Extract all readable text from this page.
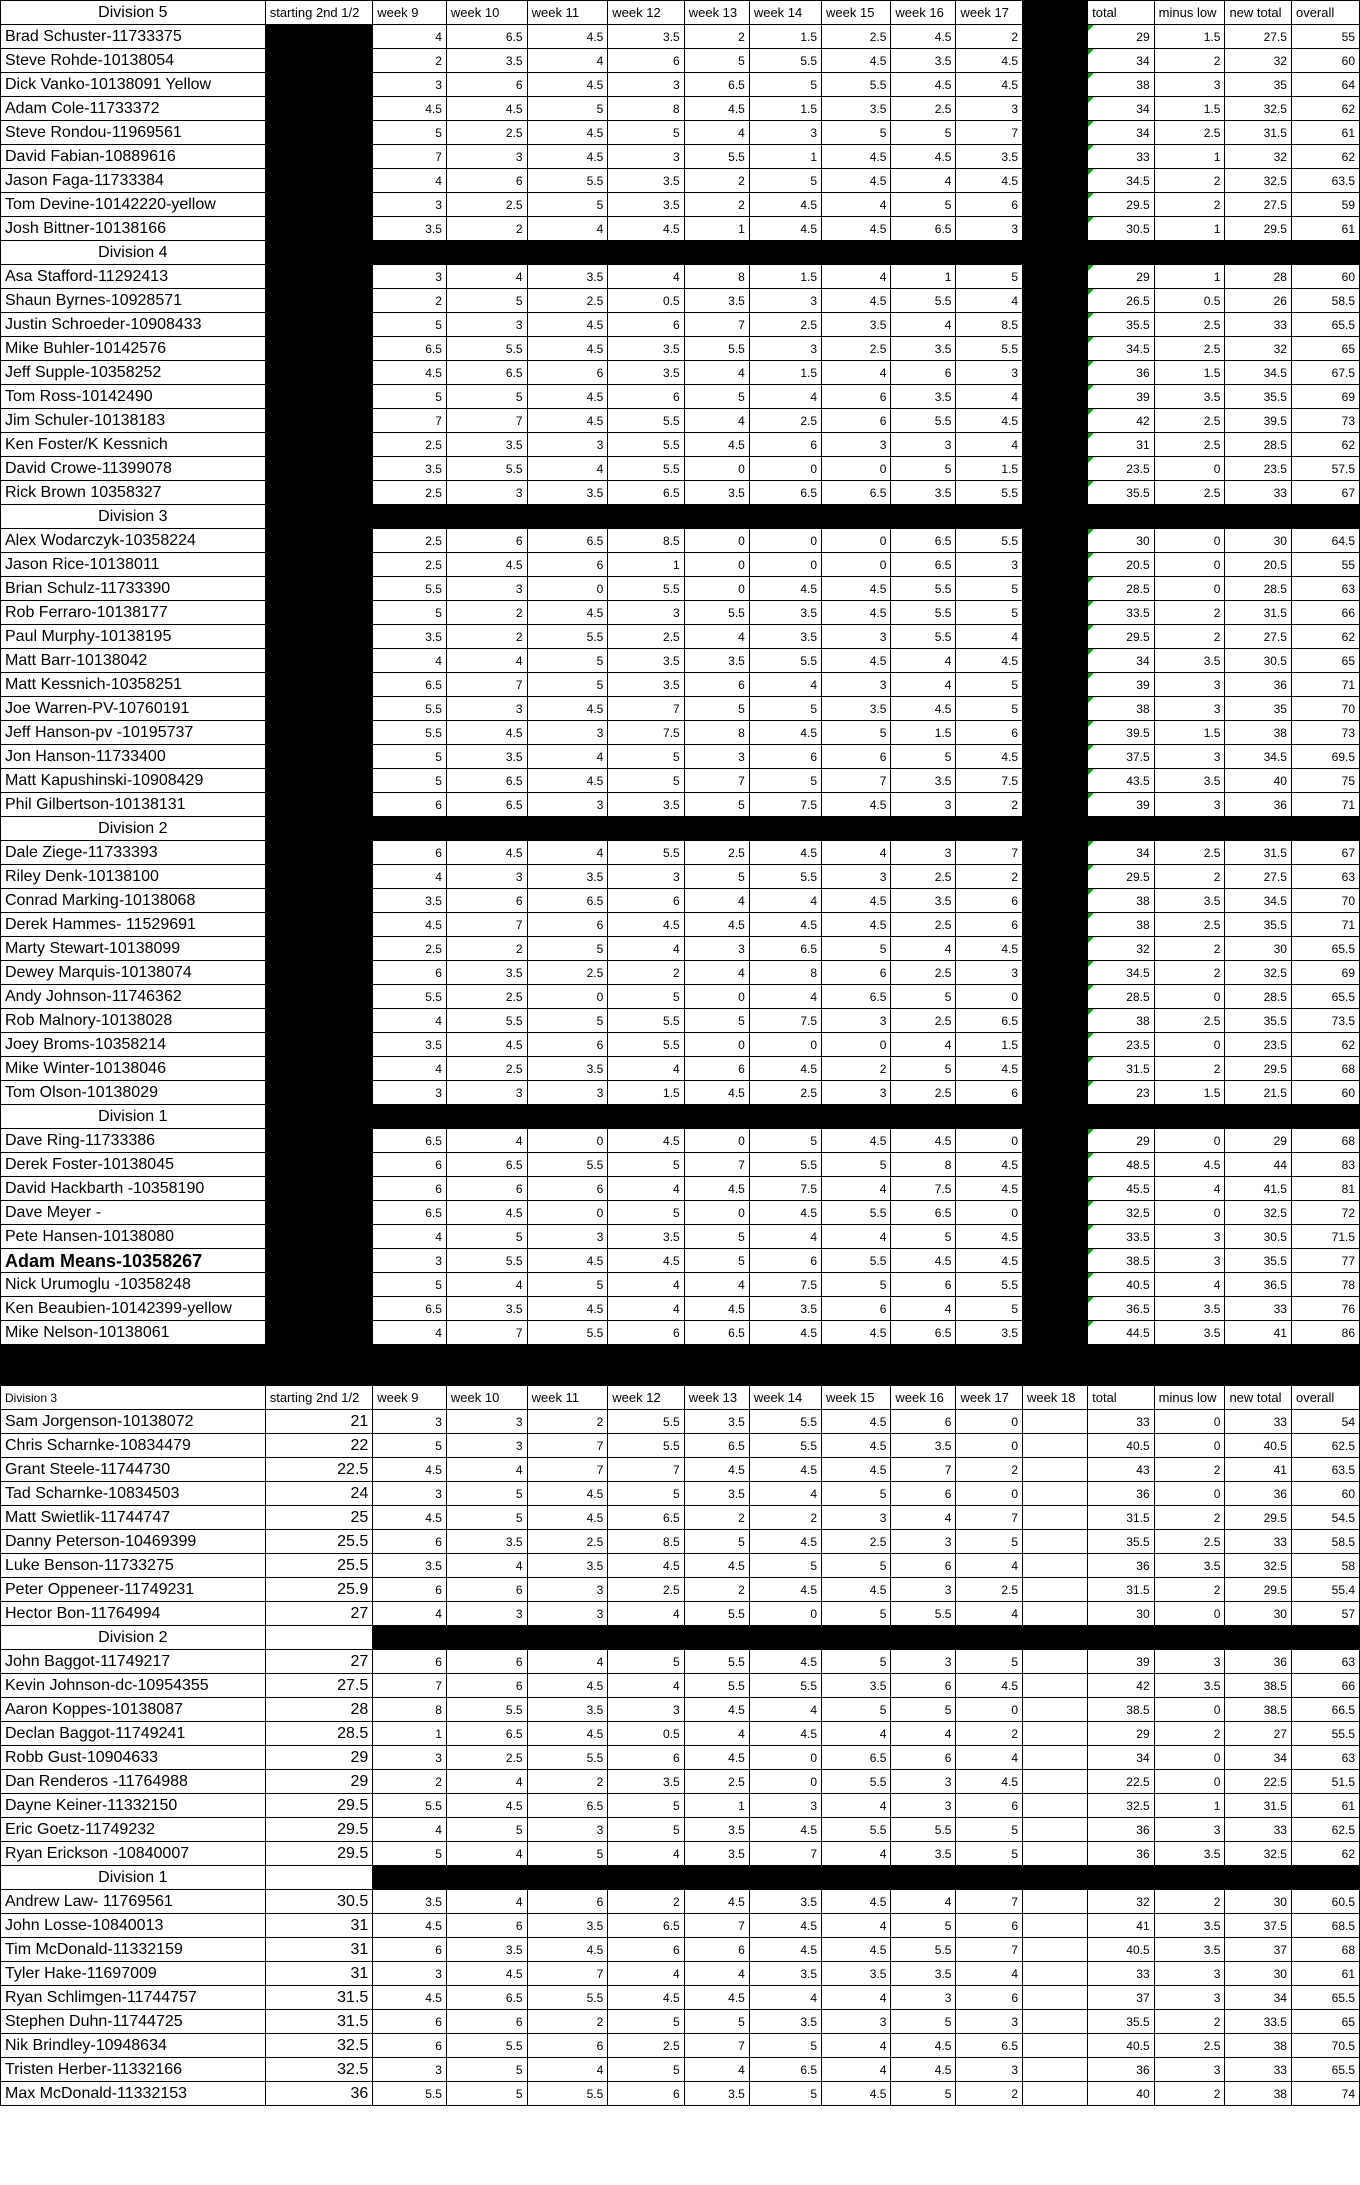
Division 5	starting 2nd 1/2	week 9	week 10	week 11	week 12	week 13	week 14	week 15	week 16	week 17		total	minus low	new total	overall
Brad Schuster-11733375		4	6.5	4.5	3.5	2	1.5	2.5	4.5	2		29	1.5	27.5	55
Steve Rohde-10138054		2	3.5	4	6	5	5.5	4.5	3.5	4.5		34	2	32	60
Dick Vanko-10138091 Yellow		3	6	4.5	3	6.5	5	5.5	4.5	4.5		38	3	35	64
Adam Cole-11733372		4.5	4.5	5	8	4.5	1.5	3.5	2.5	3		34	1.5	32.5	62
Steve Rondou-11969561		5	2.5	4.5	5	4	3	5	5	7		34	2.5	31.5	61
David Fabian-10889616		7	3	4.5	3	5.5	1	4.5	4.5	3.5		33	1	32	62
Jason Faga-11733384		4	6	5.5	3.5	2	5	4.5	4	4.5		34.5	2	32.5	63.5
Tom Devine-10142220-yellow		3	2.5	5	3.5	2	4.5	4	5	6		29.5	2	27.5	59
Josh Bittner-10138166		3.5	2	4	4.5	1	4.5	4.5	6.5	3		30.5	1	29.5	61
Division 4															
Asa Stafford-11292413		3	4	3.5	4	8	1.5	4	1	5		29	1	28	60
Shaun Byrnes-10928571		2	5	2.5	0.5	3.5	3	4.5	5.5	4		26.5	0.5	26	58.5
Justin Schroeder-10908433		5	3	4.5	6	7	2.5	3.5	4	8.5		35.5	2.5	33	65.5
Mike Buhler-10142576		6.5	5.5	4.5	3.5	5.5	3	2.5	3.5	5.5		34.5	2.5	32	65
Jeff Supple-10358252		4.5	6.5	6	3.5	4	1.5	4	6	3		36	1.5	34.5	67.5
Tom Ross-10142490		5	5	4.5	6	5	4	6	3.5	4		39	3.5	35.5	69
Jim Schuler-10138183		7	7	4.5	5.5	4	2.5	6	5.5	4.5		42	2.5	39.5	73
Ken Foster/K Kessnich		2.5	3.5	3	5.5	4.5	6	3	3	4		31	2.5	28.5	62
David Crowe-11399078		3.5	5.5	4	5.5	0	0	0	5	1.5		23.5	0	23.5	57.5
Rick Brown 10358327		2.5	3	3.5	6.5	3.5	6.5	6.5	3.5	5.5		35.5	2.5	33	67
Division 3															
Alex Wodarczyk-10358224		2.5	6	6.5	8.5	0	0	0	6.5	5.5		30	0	30	64.5
Jason Rice-10138011		2.5	4.5	6	1	0	0	0	6.5	3		20.5	0	20.5	55
Brian Schulz-11733390		5.5	3	0	5.5	0	4.5	4.5	5.5	5		28.5	0	28.5	63
Rob Ferraro-10138177		5	2	4.5	3	5.5	3.5	4.5	5.5	5		33.5	2	31.5	66
Paul Murphy-10138195		3.5	2	5.5	2.5	4	3.5	3	5.5	4		29.5	2	27.5	62
Matt Barr-10138042		4	4	5	3.5	3.5	5.5	4.5	4	4.5		34	3.5	30.5	65
Matt Kessnich-10358251		6.5	7	5	3.5	6	4	3	4	5		39	3	36	71
Joe Warren-PV-10760191		5.5	3	4.5	7	5	5	3.5	4.5	5		38	3	35	70
Jeff Hanson-pv -10195737		5.5	4.5	3	7.5	8	4.5	5	1.5	6		39.5	1.5	38	73
Jon Hanson-11733400		5	3.5	4	5	3	6	6	5	4.5		37.5	3	34.5	69.5
Matt Kapushinski-10908429		5	6.5	4.5	5	7	5	7	3.5	7.5		43.5	3.5	40	75
Phil Gilbertson-10138131		6	6.5	3	3.5	5	7.5	4.5	3	2		39	3	36	71
Division 2															
Dale Ziege-11733393		6	4.5	4	5.5	2.5	4.5	4	3	7		34	2.5	31.5	67
Riley Denk-10138100		4	3	3.5	3	5	5.5	3	2.5	2		29.5	2	27.5	63
Conrad Marking-10138068		3.5	6	6.5	6	4	4	4.5	3.5	6		38	3.5	34.5	70
Derek Hammes- 11529691		4.5	7	6	4.5	4.5	4.5	4.5	2.5	6		38	2.5	35.5	71
Marty Stewart-10138099		2.5	2	5	4	3	6.5	5	4	4.5		32	2	30	65.5
Dewey Marquis-10138074		6	3.5	2.5	2	4	8	6	2.5	3		34.5	2	32.5	69
Andy Johnson-11746362		5.5	2.5	0	5	0	4	6.5	5	0		28.5	0	28.5	65.5
Rob Malnory-10138028		4	5.5	5	5.5	5	7.5	3	2.5	6.5		38	2.5	35.5	73.5
Joey Broms-10358214		3.5	4.5	6	5.5	0	0	0	4	1.5		23.5	0	23.5	62
Mike Winter-10138046		4	2.5	3.5	4	6	4.5	2	5	4.5		31.5	2	29.5	68
Tom Olson-10138029		3	3	3	1.5	4.5	2.5	3	2.5	6		23	1.5	21.5	60
Division 1															
Dave Ring-11733386		6.5	4	0	4.5	0	5	4.5	4.5	0		29	0	29	68
Derek Foster-10138045		6	6.5	5.5	5	7	5.5	5	8	4.5		48.5	4.5	44	83
David Hackbarth -10358190		6	6	6	4	4.5	7.5	4	7.5	4.5		45.5	4	41.5	81
Dave Meyer -		6.5	4.5	0	5	0	4.5	5.5	6.5	0		32.5	0	32.5	72
Pete Hansen-10138080		4	5	3	3.5	5	4	4	5	4.5		33.5	3	30.5	71.5
Adam Means-10358267		3	5.5	4.5	4.5	5	6	5.5	4.5	4.5		38.5	3	35.5	77
Nick Urumoglu -10358248		5	4	5	4	4	7.5	5	6	5.5		40.5	4	36.5	78
Ken Beaubien-10142399-yellow		6.5	3.5	4.5	4	4.5	3.5	6	4	5		36.5	3.5	33	76
Mike Nelson-10138061		4	7	5.5	6	6.5	4.5	4.5	6.5	3.5		44.5	3.5	41	86

Division 3	starting 2nd 1/2	week 9	week 10	week 11	week 12	week 13	week 14	week 15	week 16	week 17	week 18	total	minus low	new total	overall
Sam Jorgenson-10138072	21	3	3	2	5.5	3.5	5.5	4.5	6	0		33	0	33	54
Chris Scharnke-10834479	22	5	3	7	5.5	6.5	5.5	4.5	3.5	0		40.5	0	40.5	62.5
Grant Steele-11744730	22.5	4.5	4	7	7	4.5	4.5	4.5	7	2		43	2	41	63.5
Tad Scharnke-10834503	24	3	5	4.5	5	3.5	4	5	6	0		36	0	36	60
Matt Swietlik-11744747	25	4.5	5	4.5	6.5	2	2	3	4	7		31.5	2	29.5	54.5
Danny Peterson-10469399	25.5	6	3.5	2.5	8.5	5	4.5	2.5	3	5		35.5	2.5	33	58.5
Luke Benson-11733275	25.5	3.5	4	3.5	4.5	4.5	5	5	6	4		36	3.5	32.5	58
Peter Oppeneer-11749231	25.9	6	6	3	2.5	2	4.5	4.5	3	2.5		31.5	2	29.5	55.4
Hector Bon-11764994	27	4	3	3	4	5.5	0	5	5.5	4		30	0	30	57
Division 2															
John Baggot-11749217	27	6	6	4	5	5.5	4.5	5	3	5		39	3	36	63
Kevin Johnson-dc-10954355	27.5	7	6	4.5	4	5.5	5.5	3.5	6	4.5		42	3.5	38.5	66
Aaron Koppes-10138087	28	8	5.5	3.5	3	4.5	4	5	5	0		38.5	0	38.5	66.5
Declan Baggot-11749241	28.5	1	6.5	4.5	0.5	4	4.5	4	4	2		29	2	27	55.5
Robb Gust-10904633	29	3	2.5	5.5	6	4.5	0	6.5	6	4		34	0	34	63
Dan Renderos -11764988	29	2	4	2	3.5	2.5	0	5.5	3	4.5		22.5	0	22.5	51.5
Dayne Keiner-11332150	29.5	5.5	4.5	6.5	5	1	3	4	3	6		32.5	1	31.5	61
Eric Goetz-11749232	29.5	4	5	3	5	3.5	4.5	5.5	5.5	5		36	3	33	62.5
Ryan Erickson -10840007	29.5	5	4	5	4	3.5	7	4	3.5	5		36	3.5	32.5	62
Division 1															
Andrew Law- 11769561	30.5	3.5	4	6	2	4.5	3.5	4.5	4	7		32	2	30	60.5
John Losse-10840013	31	4.5	6	3.5	6.5	7	4.5	4	5	6		41	3.5	37.5	68.5
Tim McDonald-11332159	31	6	3.5	4.5	6	6	4.5	4.5	5.5	7		40.5	3.5	37	68
Tyler Hake-11697009	31	3	4.5	7	4	4	3.5	3.5	3.5	4		33	3	30	61
Ryan Schlimgen-11744757	31.5	4.5	6.5	5.5	4.5	4.5	4	4	3	6		37	3	34	65.5
Stephen Duhn-11744725	31.5	6	6	2	5	5	3.5	3	5	3		35.5	2	33.5	65
Nik Brindley-10948634	32.5	6	5.5	6	2.5	7	5	4	4.5	6.5		40.5	2.5	38	70.5
Tristen Herber-11332166	32.5	3	5	4	5	4	6.5	4	4.5	3		36	3	33	65.5
Max McDonald-11332153	36	5.5	5	5.5	6	3.5	5	4.5	5	2		40	2	38	74
